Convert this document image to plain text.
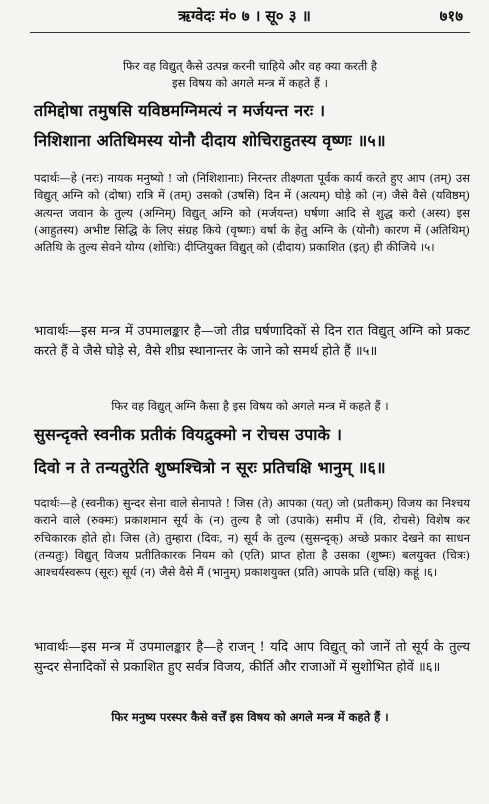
ऋग्वेदः मं० ७ । सू० ३ ॥	७१७
फिर वह विद्युत् कैसे उत्पन्न करनी चाहिये और वह क्या करती है
इस विषय को अगले मन्त्र में कहते हैं ।
तमिद्दोषा तमुषसि यविष्ठमग्निमत्यं न मर्जयन्त नरः ।
निशिशाना अतिथिमस्य योनौ दीदाय शोचिराहुतस्य वृष्णः ॥५॥
पदार्थः—हे (नरः) नायक मनुष्यो ! जो (निशिशानाः) निरन्तर तीक्ष्णता पूर्वक कार्य करते हुए आप (तम्) उस विद्युत् अग्नि को (दोषा) रात्रि में (तम्) उसको (उषसि) दिन में (अत्यम्) घोड़े को (न) जैसे वैसे (यविष्ठम्) अत्यन्त जवान के तुल्य (अग्निम्) विद्युत् अग्नि को (मर्जयन्त) घर्षणा आदि से शुद्ध करो (अस्य) इस (आहुतस्य) अभीष्ट सिद्धि के लिए संग्रह किये (वृष्णः) वर्षा के हेतु अग्नि के (योनौ) कारण में (अतिथिम्) अतिथि के तुल्य सेवने योग्य (शोचिः) दीप्तियुक्त विद्युत् को (दीदाय) प्रकाशित (इत्) ही कीजिये ।५।
भावार्थः—इस मन्त्र में उपमालङ्कार है—जो तीव्र घर्षणादिकों से दिन रात विद्युत् अग्नि को प्रकट करते हैं वे जैसे घोड़े से, वैसे शीघ्र स्थानान्तर के जाने को समर्थ होते हैं ॥५॥
फिर वह विद्युत् अग्नि कैसा है इस विषय को अगले मन्त्र में कहते हैं ।
सुसन्दृक्ते स्वनीक प्रतीकं वियद्रुक्मो न रोचस उपाके ।
दिवो न ते तन्यतुरेति शुष्मश्चित्रो न सूरः प्रतिचक्षि भानुम् ॥६॥
पदार्थः—हे (स्वनीक) सुन्दर सेना वाले सेनापते ! जिस (ते) आपका (यत्) जो (प्रतीकम्) विजय का निश्चय कराने वाले (रुक्मः) प्रकाशमान सूर्य के (न) तुल्य है जो (उपाके) समीप में (वि, रोचसे) विशेष कर रुचिकारक होते हो। जिस (ते) तुम्हारा (दिवः, न) सूर्य के तुल्य (सुसन्दृक्) अच्छे प्रकार देखने का साधन (तन्यतुः) विद्युत् विजय प्रतीतिकारक नियम को (एति) प्राप्त होता है उसका (शुष्मः) बलयुक्त (चित्रः) आश्चर्यस्वरूप (सूरः) सूर्य (न) जैसे वैसे मैं (भानुम्) प्रकाशयुक्त (प्रति) आपके प्रति (चक्षि) कहूं ।६।
भावार्थः—इस मन्त्र में उपमालङ्कार है—हे राजन् ! यदि आप विद्युत् को जानें तो सूर्य के तुल्य सुन्दर सेनादिकों से प्रकाशित हुए सर्वत्र विजय, कीर्ति और राजाओं में सुशोभित होवें ॥६॥
फिर मनुष्य परस्पर कैसे वर्त्तें इस विषय को अगले मन्त्र में कहते हैं ।
